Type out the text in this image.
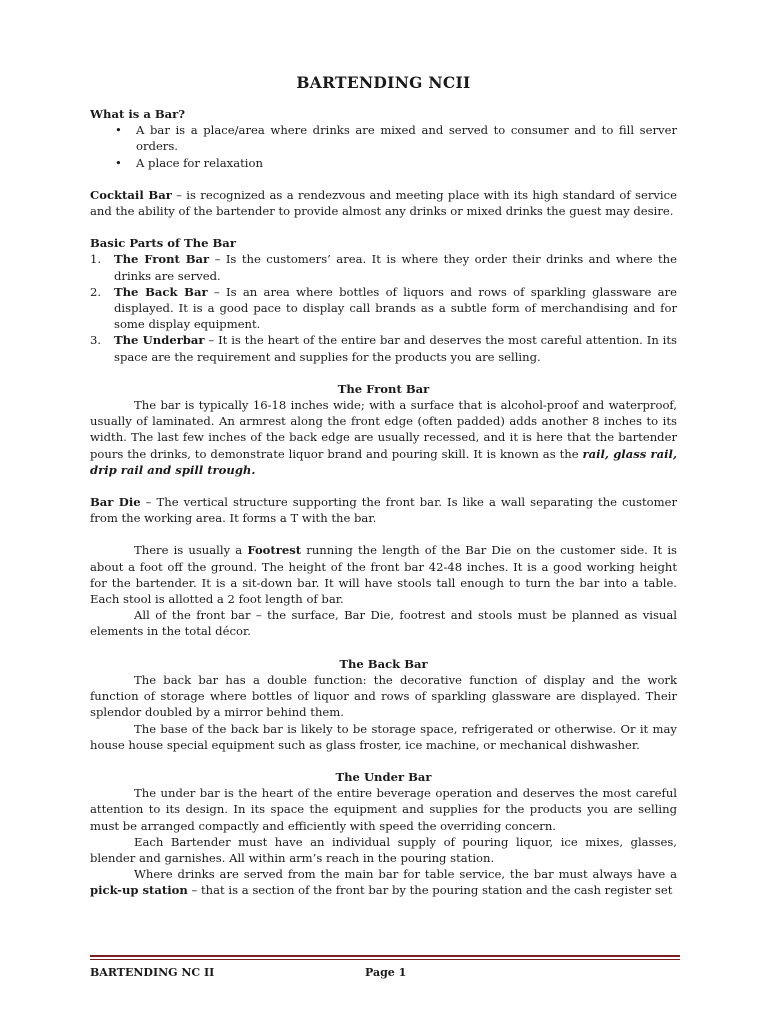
BARTENDING NCII
What is a Bar?
• A bar is a place/area where drinks are mixed and served to consumer and to fill server orders.
• A place for relaxation

Cocktail Bar – is recognized as a rendezvous and meeting place with its high standard of service and the ability of the bartender to provide almost any drinks or mixed drinks the guest may desire.

Basic Parts of The Bar
1. The Front Bar – Is the customers’ area. It is where they order their drinks and where the drinks are served.
2. The Back Bar – Is an area where bottles of liquors and rows of sparkling glassware are displayed. It is a good pace to display call brands as a subtle form of merchandising and for some display equipment.
3. The Underbar – It is the heart of the entire bar and deserves the most careful attention. In its space are the requirement and supplies for the products you are selling.
The Front Bar

The bar is typically 16-18 inches wide; with a surface that is alcohol-proof and waterproof, usually of laminated. An armrest along the front edge (often padded) adds another 8 inches to its width. The last few inches of the back edge are usually recessed, and it is here that the bartender pours the drinks, to demonstrate liquor brand and pouring skill. It is known as the rail, glass rail, drip rail and spill trough.

Bar Die – The vertical structure supporting the front bar. Is like a wall separating the customer from the working area. It forms a T with the bar.

There is usually a Footrest running the length of the Bar Die on the customer side. It is about a foot off the ground. The height of the front bar 42-48 inches. It is a good working height for the bartender. It is a sit-down bar. It will have stools tall enough to turn the bar into a table. Each stool is allotted a 2 foot length of bar.

All of the front bar – the surface, Bar Die, footrest and stools must be planned as visual elements in the total décor.

The Back Bar

The back bar has a double function: the decorative function of display and the work function of storage where bottles of liquor and rows of sparkling glassware are displayed. Their splendor doubled by a mirror behind them.

The base of the back bar is likely to be storage space, refrigerated or otherwise. Or it may house house special equipment such as glass froster, ice machine, or mechanical dishwasher.

The Under Bar

The under bar is the heart of the entire beverage operation and deserves the most careful attention to its design. In its space the equipment and supplies for the products you are selling must be arranged compactly and efficiently with speed the overriding concern.

Each Bartender must have an individual supply of pouring liquor, ice mixes, glasses, blender and garnishes. All within arm’s reach in the pouring station.

Where drinks are served from the main bar for table service, the bar must always have a pick-up station – that is a section of the front bar by the pouring station and the cash register set

BARTENDING NC II	Page 1
